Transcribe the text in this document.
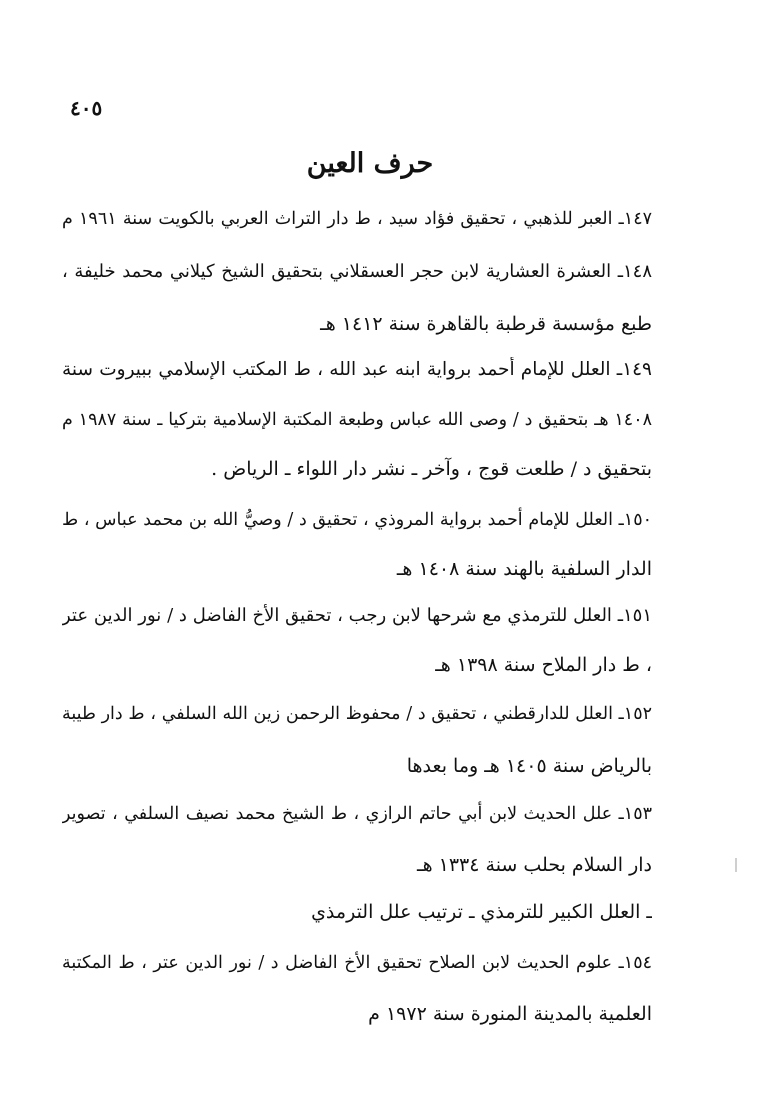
٤٠٥
حرف العين
١٤٧ـ العبر للذهبي ، تحقيق فؤاد سيد ، ط دار التراث العربي بالكويت سنة ١٩٦١ م
١٤٨ـ العشرة العشارية لابن حجر العسقلاني بتحقيق الشيخ كيلاني محمد خليفة ،
طبع مؤسسة قرطبة بالقاهرة سنة ١٤١٢ هـ
١٤٩ـ العلل للإمام أحمد برواية ابنه عبد الله ، ط المكتب الإسلامي ببيروت سنة
١٤٠٨ هـ بتحقيق د / وصى الله عباس وطبعة المكتبة الإسلامية بتركيا ـ سنة ١٩٨٧ م
بتحقيق د / طلعت قوج ، وآخر ـ نشر دار اللواء ـ الرياض .
١٥٠ـ العلل للإمام أحمد برواية المروذي ، تحقيق د / وصيُّ الله بن محمد عباس ، ط
الدار السلفية بالهند سنة ١٤٠٨ هـ
١٥١ـ العلل للترمذي مع شرحها لابن رجب ، تحقيق الأخ الفاضل د / نور الدين عتر
، ط دار الملاح سنة ١٣٩٨ هـ
١٥٢ـ العلل للدارقطني ، تحقيق د / محفوظ الرحمن زين الله السلفي ، ط دار طيبة
بالرياض سنة ١٤٠٥ هـ وما بعدها
١٥٣ـ علل الحديث لابن أبي حاتم الرازي ، ط الشيخ محمد نصيف السلفي ، تصوير
دار السلام بحلب سنة ١٣٣٤ هـ
ـ العلل الكبير للترمذي ـ ترتيب علل الترمذي
١٥٤ـ علوم الحديث لابن الصلاح تحقيق الأخ الفاضل د / نور الدين عتر ، ط المكتبة
العلمية بالمدينة المنورة سنة ١٩٧٢ م
